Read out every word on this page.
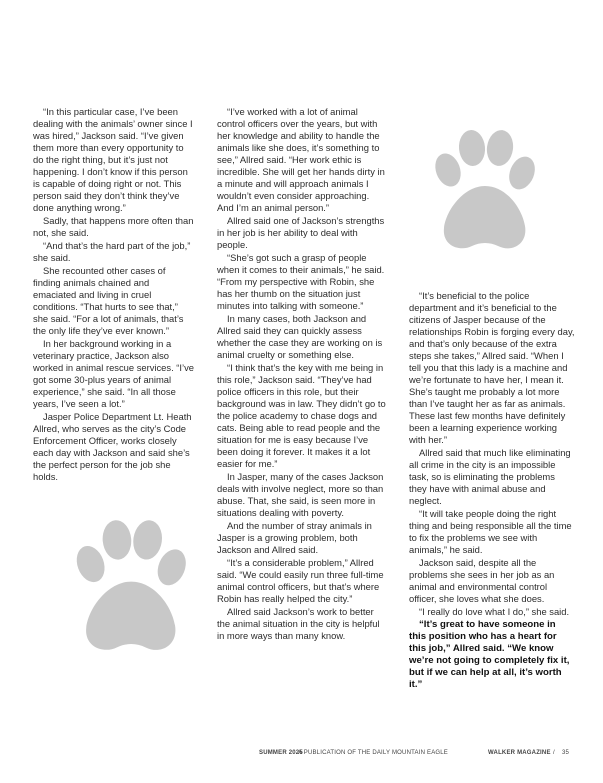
“In this particular case, I’ve been dealing with the animals’ owner since I was hired,” Jackson said. “I’ve given them more than every opportunity to do the right thing, but it’s just not happening. I don’t know if this person is capable of doing right or not. This person said they don’t think they’ve done anything wrong.”

Sadly, that happens more often than not, she said.

“And that’s the hard part of the job,” she said.

She recounted other cases of finding animals chained and emaciated and living in cruel conditions. “That hurts to see that,” she said. “For a lot of animals, that’s the only life they’ve ever known.”

In her background working in a veterinary practice, Jackson also worked in animal rescue services. “I’ve got some 30-plus years of animal experience,” she said. “In all those years, I’ve seen a lot.”

Jasper Police Department Lt. Heath Allred, who serves as the city’s Code Enforcement Officer, works closely each day with Jackson and said she’s the perfect person for the job she holds.

“I’ve worked with a lot of animal control officers over the years, but with her knowledge and ability to handle the animals like she does, it’s something to see,” Allred said. “Her work ethic is incredible. She will get her hands dirty in a minute and will approach animals I wouldn’t even consider approaching. And I’m an animal person.”

Allred said one of Jackson’s strengths in her job is her ability to deal with people.

“She’s got such a grasp of people when it comes to their animals,” he said. “From my perspective with Robin, she has her thumb on the situation just minutes into talking with someone.”

In many cases, both Jackson and Allred said they can quickly assess whether the case they are working on is animal cruelty or something else.

“I think that’s the key with me being in this role,” Jackson said. “They’ve had police officers in this role, but their background was in law. They didn’t go to the police academy to chase dogs and cats. Being able to read people and the situation for me is easy because I’ve been doing it forever. It makes it a lot easier for me.”

In Jasper, many of the cases Jackson deals with involve neglect, more so than abuse. That, she said, is seen more in situations dealing with poverty.

And the number of stray animals in Jasper is a growing problem, both Jackson and Allred said.

“It’s a considerable problem,” Allred said. “We could easily run three full-time animal control officers, but that’s where Robin has really helped the city.”

Allred said Jackson’s work to better the animal situation in the city is helpful in more ways than many know.

“It’s beneficial to the police department and it’s beneficial to the citizens of Jasper because of the relationships Robin is forging every day, and that’s only because of the extra steps she takes,” Allred said. “When I tell you that this lady is a machine and we’re fortunate to have her, I mean it. She’s taught me probably a lot more than I’ve taught her as far as animals. These last few months have definitely been a learning experience working with her.”

Allred said that much like eliminating all crime in the city is an impossible task, so is eliminating the problems they have with animal abuse and neglect.

“It will take people doing the right thing and being responsible all the time to fix the problems we see with animals,” he said.

Jackson said, despite all the problems she sees in her job as an animal and environmental control officer, she loves what she does.

“I really do love what I do,” she said.

“It’s great to have someone in this position who has a heart for this job,” Allred said. “We know we’re not going to completely fix it, but if we can help at all, it’s worth it.”

SUMMER 2025
A PUBLICATION OF THE DAILY MOUNTAIN EAGLE	WALKER MAGAZINE / 35
